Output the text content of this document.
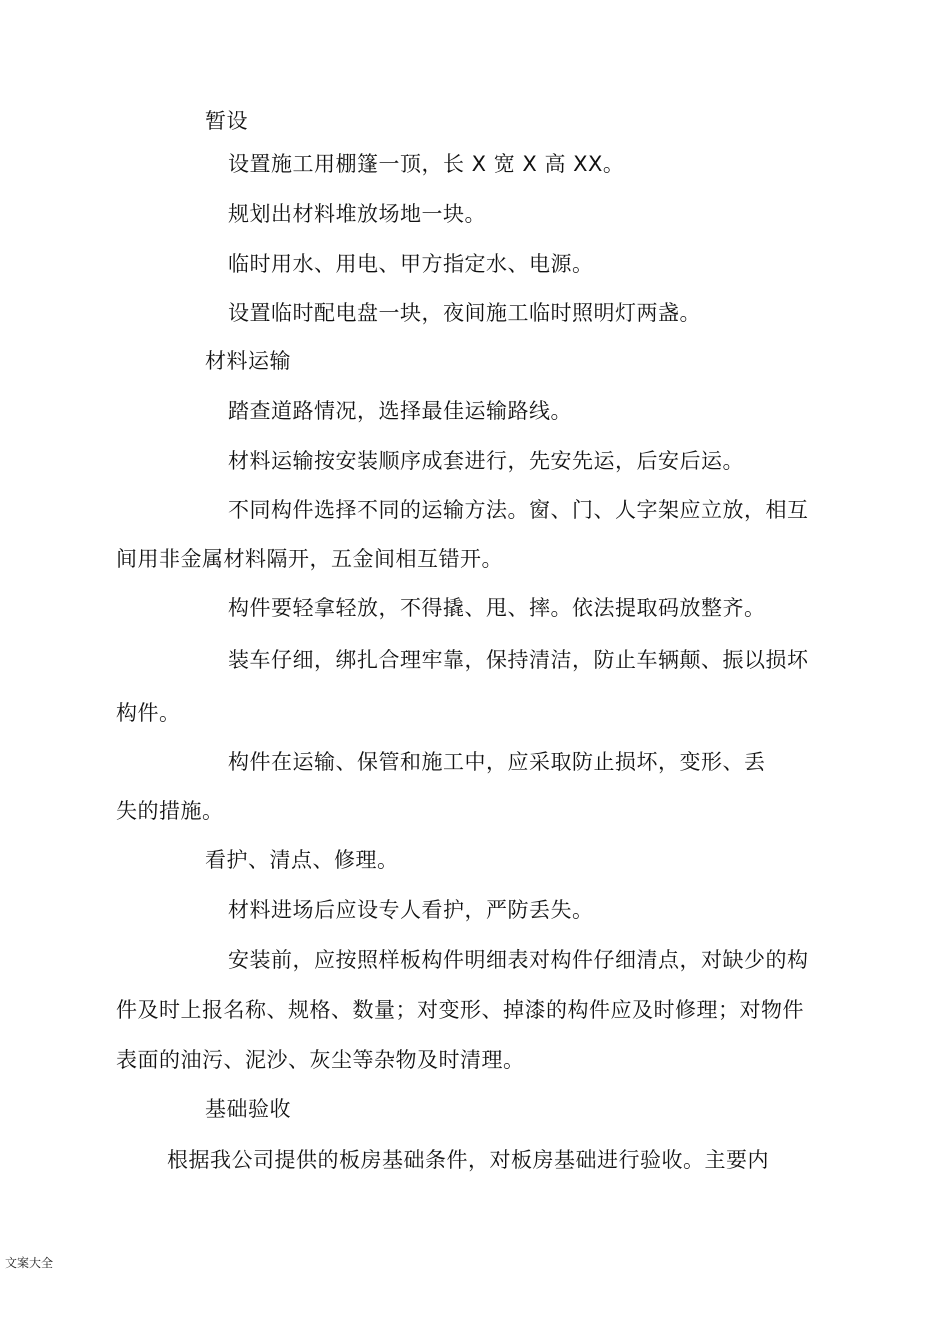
暂设

设置施工用棚篷一顶，长 X 宽 X 高 XX。

规划出材料堆放场地一块。

临时用水、用电、甲方指定水、电源。

设置临时配电盘一块，夜间施工临时照明灯两盏。

材料运输

踏查道路情况，选择最佳运输路线。

材料运输按安装顺序成套进行，先安先运，后安后运。

不同构件选择不同的运输方法。窗、门、人字架应立放，相互

间用非金属材料隔开，五金间相互错开。

构件要轻拿轻放，不得撬、甩、摔。依法提取码放整齐。

装车仔细，绑扎合理牢靠，保持清洁，防止车辆颠、振以损坏

构件。

构件在运输、保管和施工中，应采取防止损坏，变形、丢

失的措施。

看护、清点、修理。

材料进场后应设专人看护，严防丢失。

安装前，应按照样板构件明细表对构件仔细清点，对缺少的构

件及时上报名称、规格、数量；对变形、掉漆的构件应及时修理；对物件

表面的油污、泥沙、灰尘等杂物及时清理。

基础验收

根据我公司提供的板房基础条件，对板房基础进行验收。主要内

文案大全
